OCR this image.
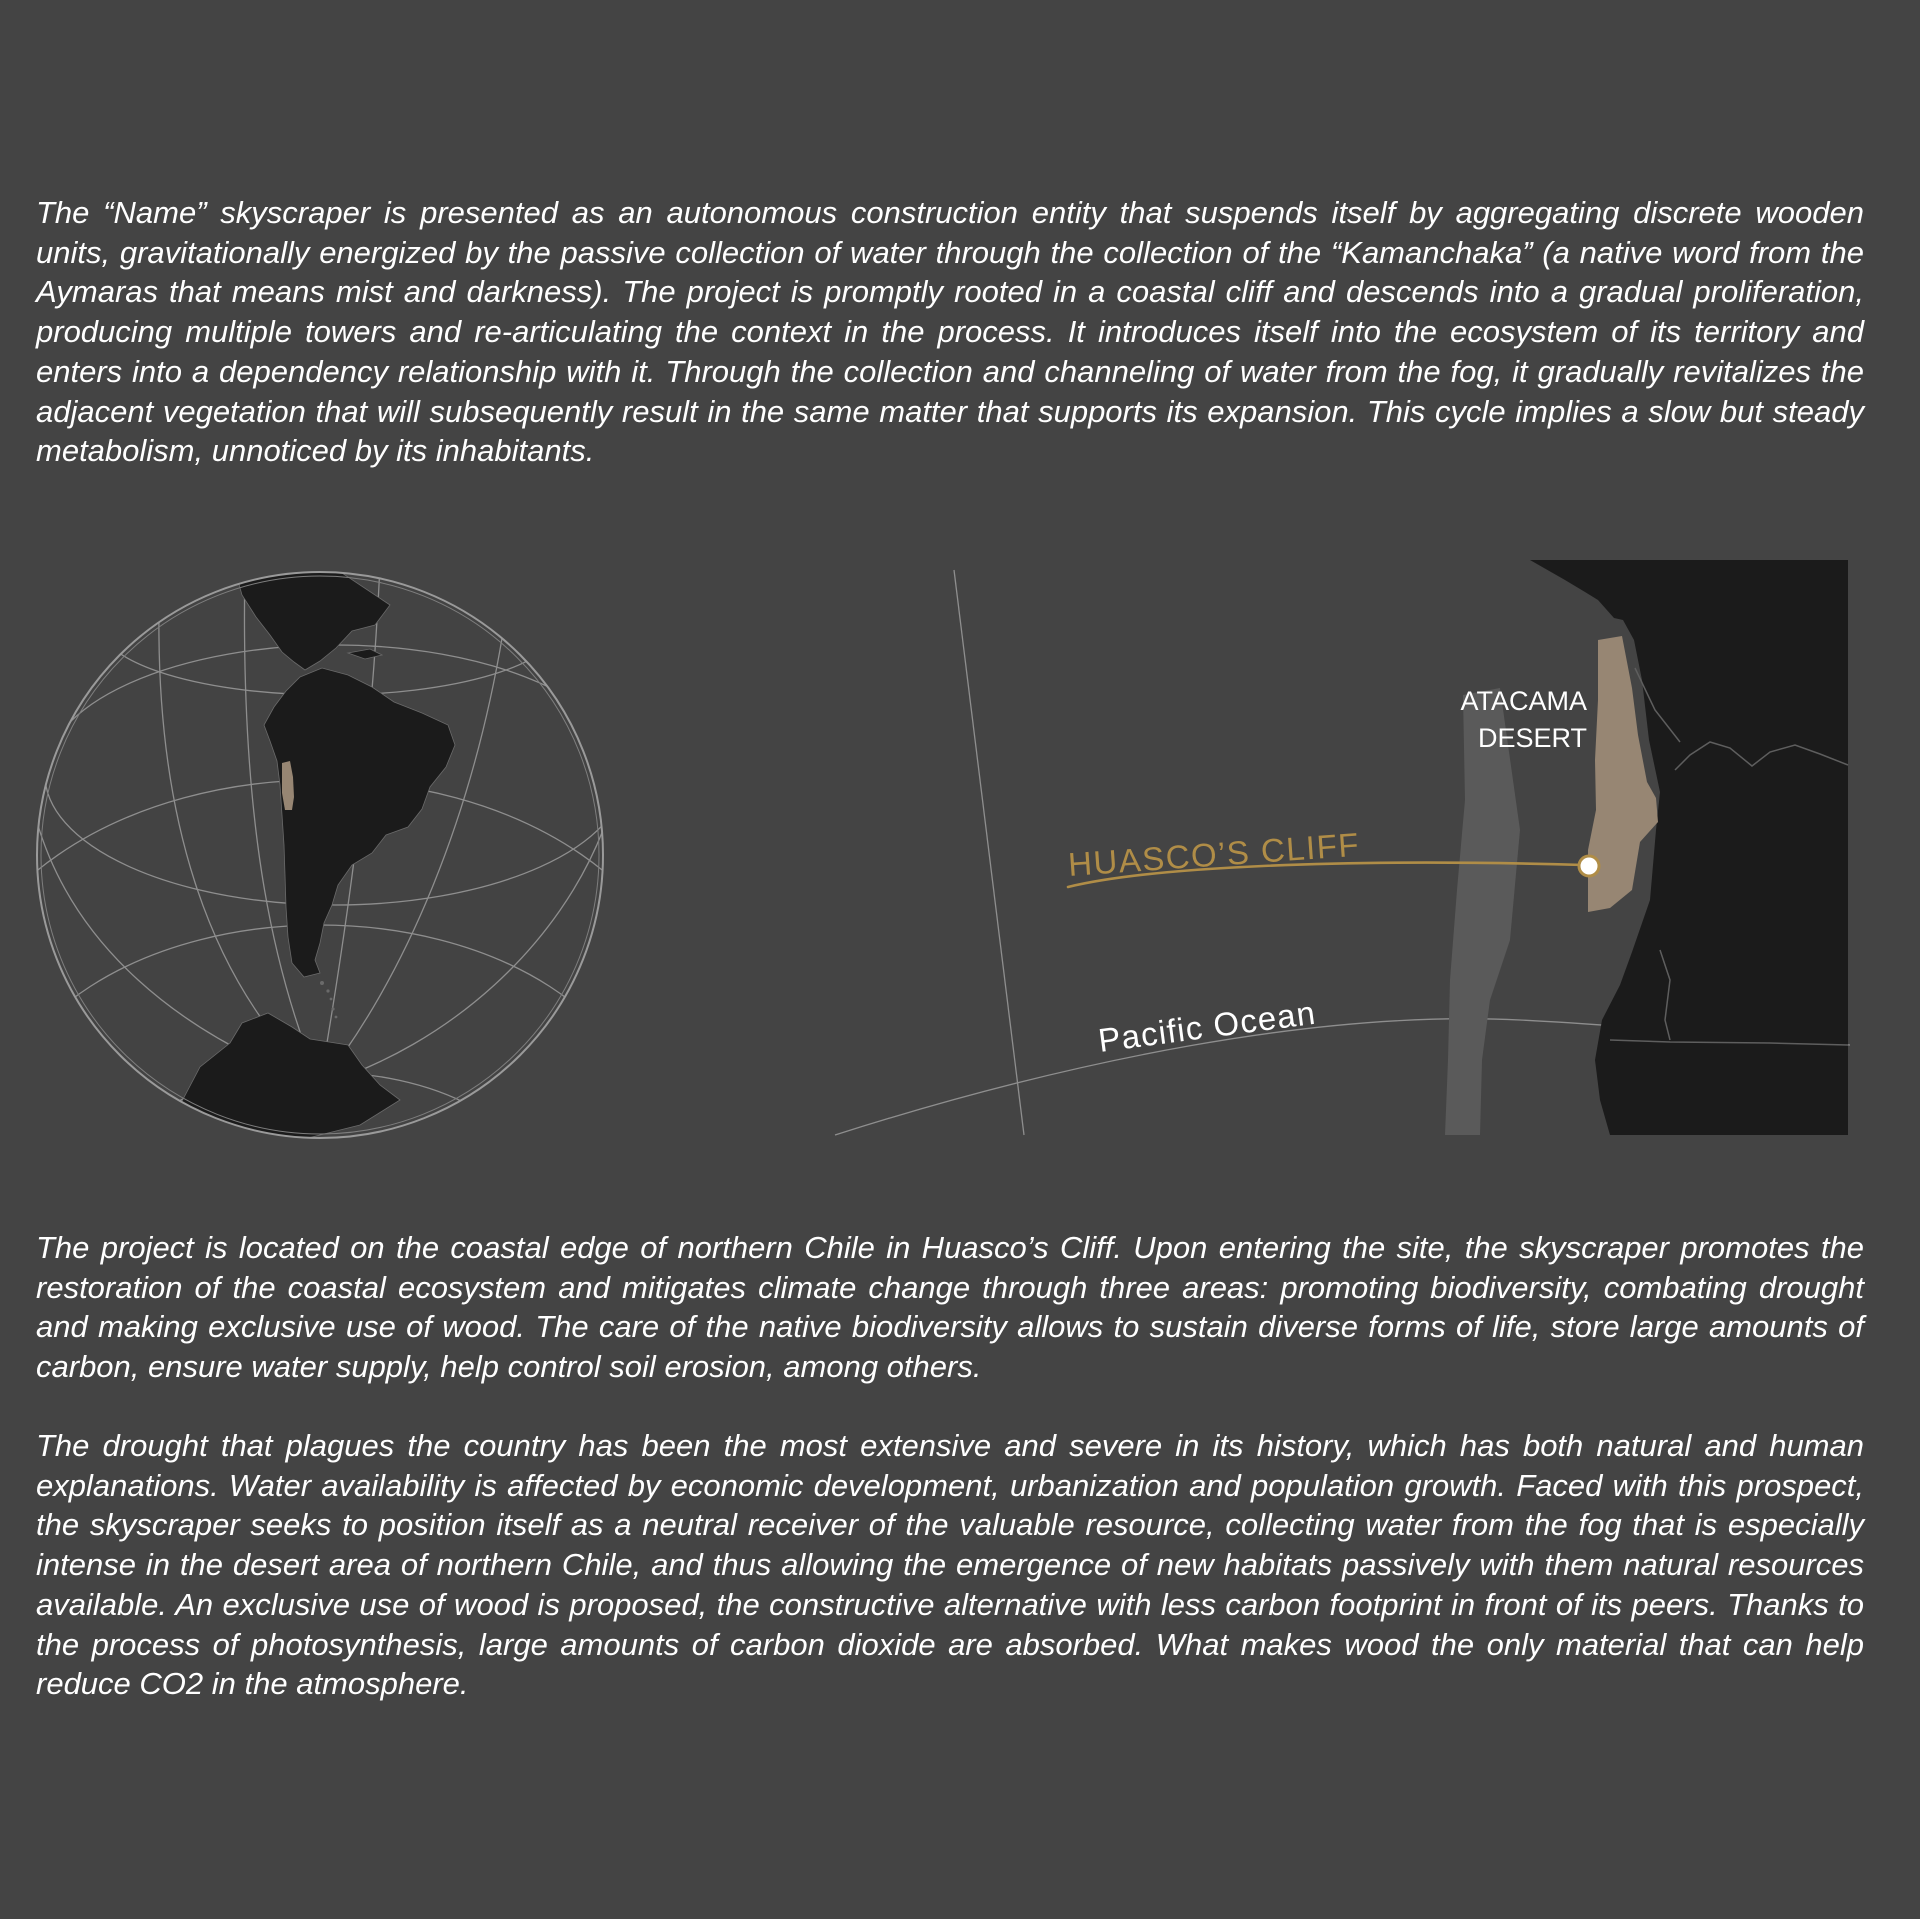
The “Name” skyscraper is presented as an autonomous construction entity that suspends itself by aggregating discrete wooden units, gravitationally energized by the passive collection of water through the collection of the “Kamanchaka” (a native word from the Aymaras that means mist and darkness). The project is promptly rooted in a coastal cliff and descends into a gradual proliferation, producing multiple towers and re-articulating the context in the process. It introduces itself into the ecosystem of its territory and enters into a dependency relationship with it. Through the collection and channeling of water from the fog, it gradually revitalizes the adjacent vegetation that will subsequently result in the same matter that supports its expansion. This cycle implies a slow but steady metabolism, unnoticed by its inhabitants.

ATACAMA
DESERT
HUASCO’S CLIFF
Pacific Ocean

The project is located on the coastal edge of northern Chile in Huasco’s Cliff. Upon entering the site, the skyscraper promotes the restoration of the coastal ecosystem and mitigates climate change through three areas: promoting biodiversity, combating drought and making exclusive use of wood. The care of the native biodiversity allows to sustain diverse forms of life, store large amounts of carbon, ensure water supply, help control soil erosion, among others.

The drought that plagues the country has been the most extensive and severe in its history, which has both natural and human explanations. Water availability is affected by economic development, urbanization and population growth. Faced with this prospect, the skyscraper seeks to position itself as a neutral receiver of the valuable resource, collecting water from the fog that is especially intense in the desert area of northern Chile, and thus allowing the emergence of new habitats passively with them natural resources available. An exclusive use of wood is proposed, the constructive alternative with less carbon footprint in front of its peers. Thanks to the process of photosynthesis, large amounts of carbon dioxide are absorbed. What makes wood the only material that can help reduce CO2 in the atmosphere.
